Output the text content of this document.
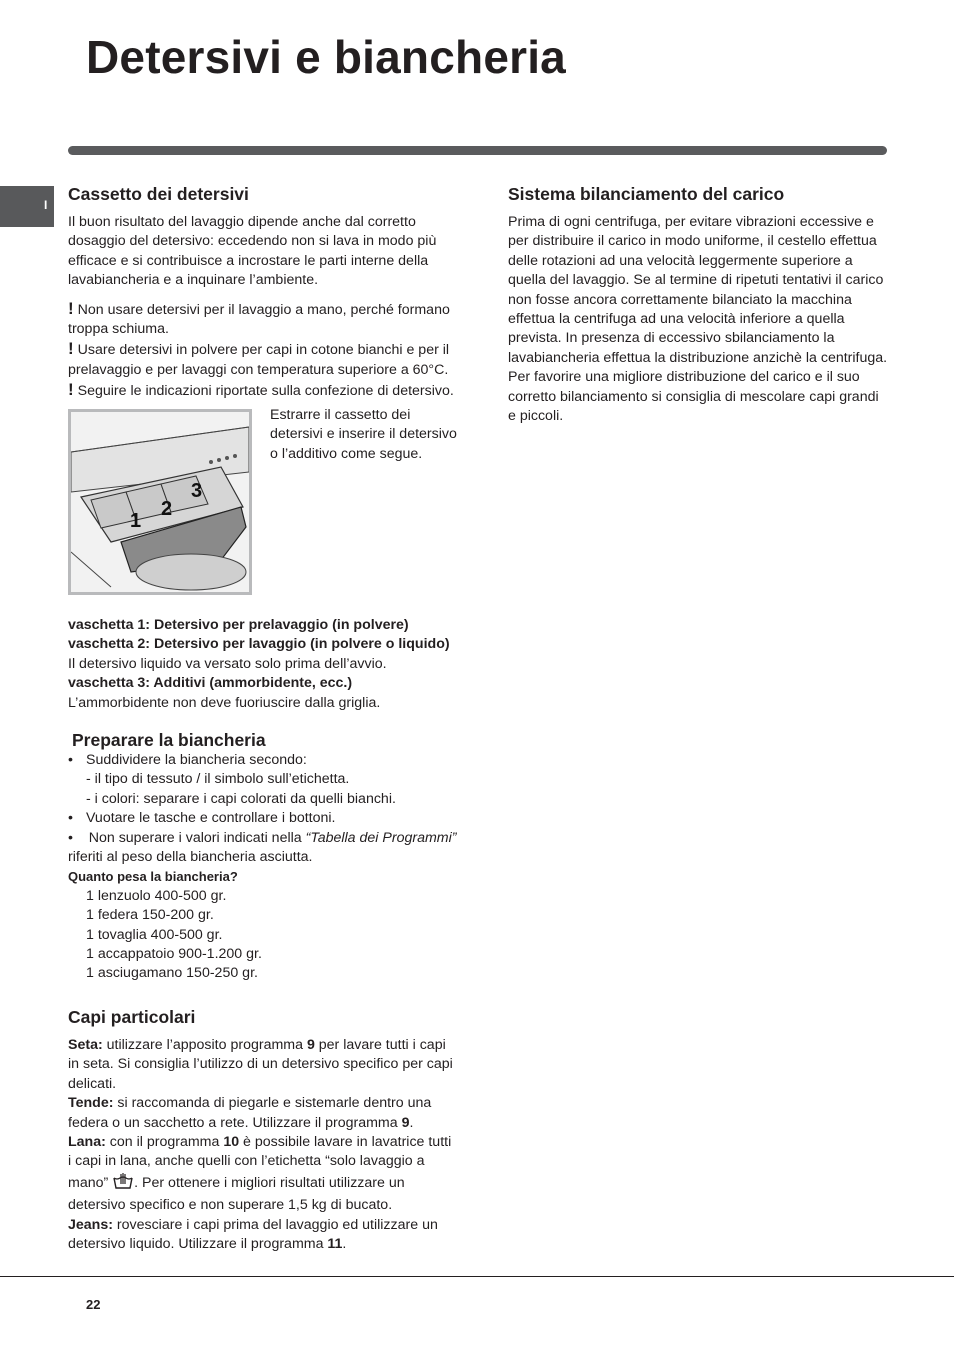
Detersivi e biancheria
I
Cassetto dei detersivi

Il buon risultato del lavaggio dipende anche dal corretto dosaggio del detersivo: eccedendo non si lava in modo più efficace e si contribuisce a incrostare le parti interne della lavabiancheria e a inquinare l’ambiente.

! Non usare detersivi per il lavaggio a mano, perché formano troppa schiuma.

! Usare detersivi in polvere per capi in cotone bianchi e per il prelavaggio e per lavaggi con temperatura superiore a 60°C.

! Seguire le indicazioni riportate sulla confezione di detersivo.

1
2
3

Estrarre il cassetto dei detersivi e inserire il detersivo o l’additivo come segue.

vaschetta 1: Detersivo per prelavaggio (in polvere)

vaschetta 2: Detersivo per lavaggio (in polvere o liquido)

Il detersivo liquido va versato solo prima dell’avvio.

vaschetta 3: Additivi (ammorbidente, ecc.)

L’ammorbidente non deve fuoriuscire dalla griglia.

Preparare la biancheria
• Suddividere la biancheria secondo:

- il tipo di tessuto / il simbolo sull’etichetta.

- i colori: separare i capi colorati da quelli bianchi.

• Vuotare le tasche e controllare i bottoni.

•    Non superare i valori indicati nella “Tabella dei Programmi” riferiti al peso della biancheria asciutta.

Quanto pesa la biancheria?

1 lenzuolo 400-500 gr.

1 federa 150-200 gr.

1 tovaglia 400-500 gr.

1 accappatoio 900-1.200 gr.

1 asciugamano 150-250 gr.

Capi particolari

Seta: utilizzare l’apposito programma 9 per lavare tutti i capi in seta. Si consiglia l’utilizzo di un detersivo specifico per capi delicati.

Tende: si raccomanda di piegarle e sistemarle dentro una federa o un sacchetto a rete. Utilizzare il programma 9.

Lana: con il programma 10 è possibile lavare in lavatrice tutti i capi in lana, anche quelli con l’etichetta “solo lavaggio a mano” . Per ottenere i migliori risultati utilizzare un detersivo specifico e non superare 1,5 kg di bucato.

Jeans: rovesciare i capi prima del lavaggio ed utilizzare un detersivo liquido. Utilizzare il programma 11.

Sistema bilanciamento del carico

Prima di ogni centrifuga, per evitare vibrazioni eccessive e per distribuire il carico in modo uniforme, il cestello effettua delle rotazioni ad una velocità leggermente superiore a quella del lavaggio. Se al termine di ripetuti tentativi il carico non fosse ancora correttamente bilanciato la macchina effettua la centrifuga ad una velocità inferiore a quella prevista. In presenza di eccessivo sbilanciamento la lavabiancheria effettua la distribuzione anzichè la centrifuga. Per favorire una migliore distribuzione del carico e il suo corretto bilanciamento si consiglia di mescolare capi grandi e piccoli.

22
